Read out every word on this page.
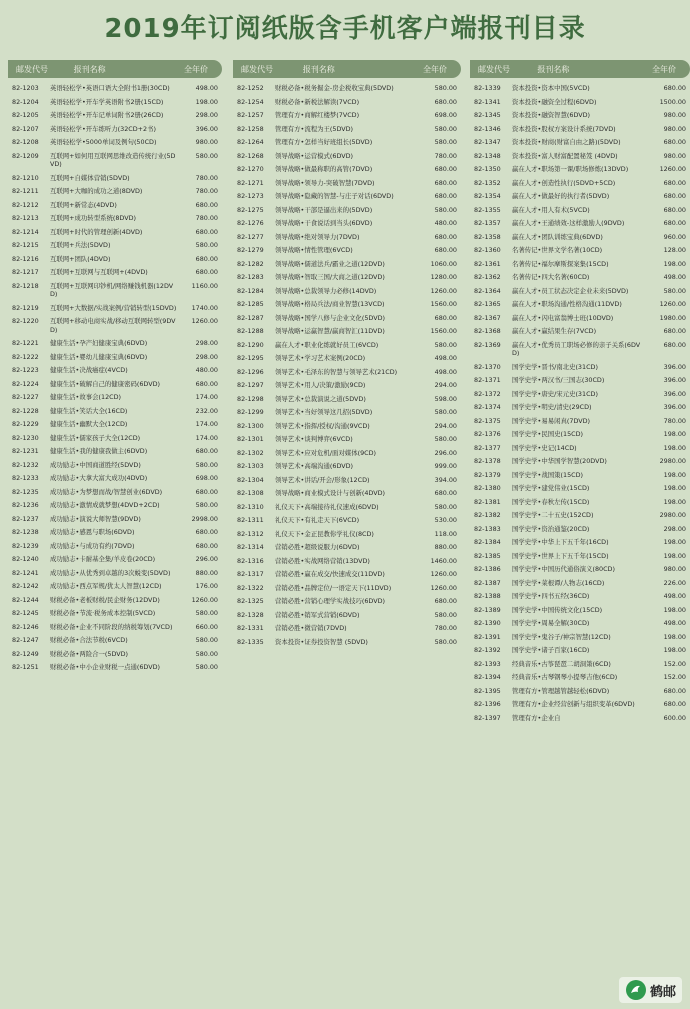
2019年订阅纸版含手机客户端报刊目录
邮发代号	报刊名称	全年价
82-1203	英语轻松学•英语口语大全附书1册(30CD)	498.00
82-1204	英语轻松学•开车学英语附书2册(15CD)	198.00
82-1205	英语轻松学•开车记单词附书2册(26CD)	298.00
82-1207	英语轻松学•开车练听力(32CD+2书)	396.00
82-1208	英语轻松学•5000单词及例句(50CD)	980.00
82-1209	互联网+如何用互联网思维改造传统行业(5DVD)
580.00
82-1210	互联网+自媒体营销(5DVD)	780.00
82-1211	互联网+大咖的成功之道(8DVD)	780.00
82-1212	互联网+新常态(4DVD)	680.00
82-1213	互联网+成功转型系统(8DVD)	780.00
82-1214	互联网+时代的管理创新(4DVD)	680.00
82-1215	互联网+兵法(5DVD)	580.00
82-1216	互联网+团队(4DVD)	680.00
82-1217	互联网+互联网与互联网+(4DVD)	680.00
82-1218	互联网+互联网印钞机/网络赚钱机器(12DVD)
1160.00
82-1219	互联网+大数据/实战案例/营销转型(15DVD)	1740.00
82-1220	互联网+移动电商实战/移动互联网转型(9DVD)
1260.00
82-1221	健康生活•孕产妇健康宝典(6DVD)	298.00
82-1222	健康生活•婴幼儿健康宝典(6DVD)	298.00
82-1223	健康生活•决战癌症(4VCD)	480.00
82-1224	健康生活•破解自己的健康密码(6DVD)	680.00
82-1227	健康生活•故事会(12CD)	174.00
82-1228	健康生活•笑话大全(16CD)	232.00
82-1229	健康生活•幽默大全(12CD)	174.00
82-1230	健康生活•儒家孩子大全(12CD)	174.00
82-1231	健康生活•我的健康我做主(6DVD)	680.00
82-1232	成功励志•中国商道胜经(5DVD)	580.00
82-1233	成功励志•大拿大富大成功(4DVD)	698.00
82-1235	成功励志•为梦想而战/智慧创业(6DVD)	680.00
82-1236	成功励志•激情成就梦想(4DVD+2CD)	580.00
82-1237	成功励志•演说大师智慧(9DVD)	2998.00
82-1238	成功励志•感恩与职场(6DVD)	680.00
82-1239	成功励志•与成功有约(7DVD)	680.00
82-1240	成功励志•卡耐基全集/羊皮卷(20CD)	296.00
82-1241	成功励志•从优秀到卓越的3次蜕变(5DVD)	880.00
82-1242	成功励志•西点军规/犹太人智慧(12CD)	176.00
82-1244	财税必备•老板财税/民企财务(12DVD)	1260.00
82-1245	财税必备•节流·税务成本控制(5VCD)	580.00
82-1246	财税必备•企业不同阶段的纳税筹划(7VCD)	660.00
82-1247	财税必备•合法节税(6VCD)	580.00
82-1249	财税必备•两险合一(5DVD)	580.00
82-1251	财税必备•中小企业财税一点通(6DVD)	580.00
邮发代号	报刊名称	全年价
82-1252	财税必备•税务掘金-房企税收宝典(5DVD)	580.00
82-1254	财税必备•新税法解读(7VCD)	680.00
82-1257	管理有方•商解红楼梦(7VCD)	698.00
82-1258	管理有方•流程为王(5DVD)	580.00
82-1264	管理有方•怎样当好班组长(5DVD)	580.00
82-1268	领导战略•运营模式(6DVD)	780.00
82-1270	领导战略•做最称职的高管(7DVD)	680.00
82-1271	领导战略•领导力-突破智慧(7DVD)	680.00
82-1273	领导战略•隐藏的智慧-与庄子对话(6DVD)	680.00
82-1275	领导战略•干部是逼出来的(5DVD)	580.00
82-1276	领导战略•干食说话到当头(6DVD)	480.00
82-1277	领导战略•绝对领导力(7DVD)	680.00
82-1279	领导战略•情性管理(6VCD)	680.00
82-1282	领导战略•儒道法兵/霸业之道(12DVD)	1060.00
82-1283	领导战略•智取三国/大商之道(12DVD)	1280.00
82-1284	领导战略•总裁领导力必修(14DVD)	1260.00
82-1285	领导战略•格局兵法/商业智慧(13VCD)	1560.00
82-1287	领导战略•国学八修与企业文化(5DVD)	680.00
82-1288	领导战略•运赢智慧/赢商智汇(11DVD)	1560.00
82-1290	赢在人才•职业化练就好员工(6VCD)	580.00
82-1295	领导艺术•学习艺术案例(20CD)	498.00
82-1296	领导艺术•毛泽东的智慧与领导艺术(21CD)	498.00
82-1297	领导艺术•用人/决策/激励(9CD)	294.00
82-1298	领导艺术•总裁演说之道(5DVD)	598.00
82-1299	领导艺术•当好领导这几招(5DVD)	580.00
82-1300	领导艺术•指挥/授权/沟通(9VCD)	294.00
82-1301	领导艺术•谈判博弈(6VCD)	580.00
82-1302	领导艺术•应对危机/面对媒体(9CD)	296.00
82-1303	领导艺术•高端沟通(6DVD)	999.00
82-1304	领导艺术•讲话/开会/形象(12CD)	394.00
82-1308	领导战略•商业模式设计与创新(4DVD)	680.00
82-1310	礼仪天下•高端接待礼仪速成(6DVD)	580.00
82-1311	礼仪天下•有礼走天下(6VCD)	530.00
82-1312	礼仪天下•金正昆教你学礼仪(8CD)	118.00
82-1314	营销必胜•超级说服力(6DVD)	880.00
82-1316	营销必胜•实战网络营销(13DVD)	1460.00
82-1317	营销必胜•赢在成交/快速成交(11DVD)	1260.00
82-1322	营销必胜•品牌定位/一语定天下(11DVD)	1260.00
82-1325	营销必胜•营销心理学实战技巧(6DVD)	680.00
82-1328	营销必胜•销军式营销(6DVD)	580.00
82-1331	营销必胜•微营销(7DVD)	780.00
82-1335	资本投资•证券投资智慧 (5DVD)	580.00
邮发代号	报刊名称	全年价
82-1339	资本投资•资本中国(5VCD)	680.00
82-1341	资本投资•融资全过程(6DVD)	1500.00
82-1345	资本投资•融资智慧(6DVD)	980.00
82-1346	资本投资•股权方案设计系统(7DVD)	980.00
82-1347	资本投资•财商(财富自由之路)(5DVD)	680.00
82-1348	资本投资•富人财富配置秘笈 (4DVD)	980.00
82-1350	赢在人才•职场第一课/职场修炼(13DVD)	1260.00
82-1352	赢在人才•创造性执行(5DVD+5CD)	680.00
82-1354	赢在人才•做最好的执行者(5DVD)	680.00
82-1355	赢在人才•用人有术(5VCD)	680.00
82-1357	赢在人才•王通绩效-这样激励人(9DVD)	680.00
82-1358	赢在人才•团队训练宝典(6DVD)	960.00
82-1360	名著传记•世界文学名著(10CD)	128.00
82-1361	名著传记•福尔摩斯探案集(15CD)	198.00
82-1362	名著传记•四大名著(60CD)	498.00
82-1364	赢在人才•员工状态决定企业未来(5DVD)	580.00
82-1365	赢在人才•职场沟通/性格沟通(11DVD)	1260.00
82-1367	赢在人才•闪电富翁博士班(10DVD)	1980.00
82-1368	赢在人才•赢结果生存(7VCD)	680.00
82-1369	赢在人才•优秀员工职场必修的亲子关系(6DVD)
680.00
82-1370	国学史学•晋书/南北史(31CD)	396.00
82-1371	国学史学•两汉书/三国志(30CD)	396.00
82-1372	国学史学•唐史/宋元史(31CD)	396.00
82-1374	国学史学•明史/清史(29CD)	396.00
82-1375	国学史学•易易闲真(7DVD)	780.00
82-1376	国学史学•民国史(15CD)	198.00
82-1377	国学史学•史记(14CD)	198.00
82-1378	国学史学•中华国学智慧(20DVD)	2980.00
82-1379	国学史学•战国策(15CD)	198.00
82-1380	国学史学•建党伟业(15CD)	198.00
82-1381	国学史学•春秋左传(15CD)	198.00
82-1382	国学史学•二十五史(152CD)	2980.00
82-1383	国学史学•资治通鉴(20CD)	298.00
82-1384	国学史学•中华上下五千年(16CD)	198.00
82-1385	国学史学•世界上下五千年(15CD)	198.00
82-1386	国学史学•中国历代通俗演义(80CD)	980.00
82-1387	国学史学•菜根谭/人物志(16CD)	226.00
82-1388	国学史学•四书五经(36CD)	498.00
82-1389	国学史学•中国传统文化(15CD)	198.00
82-1390	国学史学•周易全解(30CD)	498.00
82-1391	国学史学•鬼谷子/神宗智慧(12CD)	198.00
82-1392	国学史学•诸子百家(16CD)	198.00
82-1393	经典音乐•古筝琵琶二胡洞箫(6CD)	152.00
82-1394	经典音乐•古琴钢琴小提琴吉他(6CD)	152.00
82-1395	管理有方•管理越管越轻松(6DVD)	680.00
82-1396	管理有方•企业经营创新与组织变革(6DVD)	680.00
82-1397	管理有方•企业自	600.00
鹤邮
